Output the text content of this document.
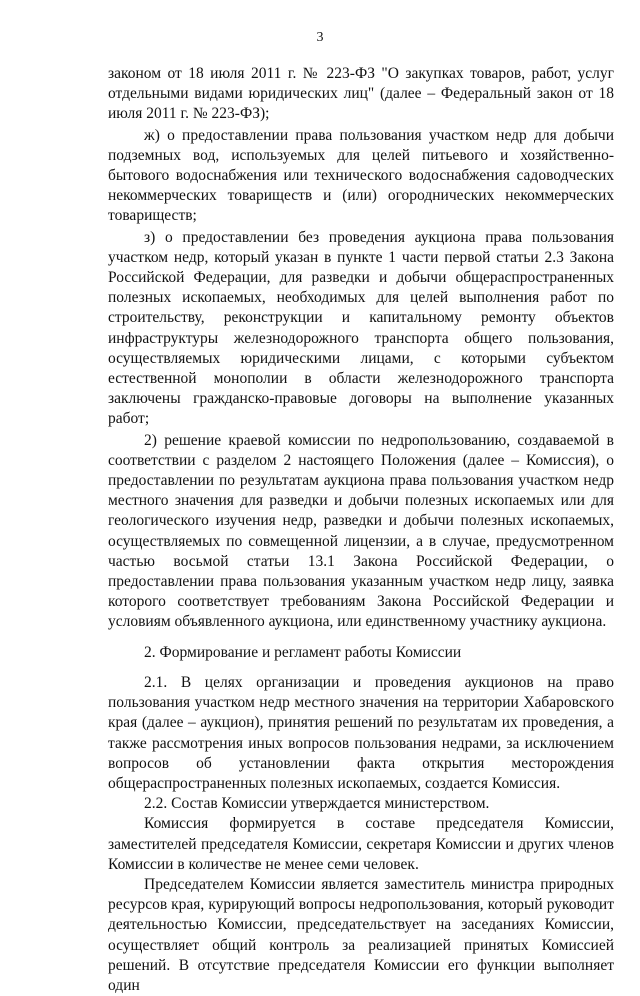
3

законом от 18 июля 2011 г. № 223-ФЗ "О закупках товаров, работ, услуг отдельными видами юридических лиц" (далее – Федеральный закон от 18 июля 2011 г. № 223-ФЗ);

ж) о предоставлении права пользования участком недр для добычи подземных вод, используемых для целей питьевого и хозяйственно-бытового водоснабжения или технического водоснабжения садоводческих некоммерческих товариществ и (или) огороднических некоммерческих товариществ;

з) о предоставлении без проведения аукциона права пользования участком недр, который указан в пункте 1 части первой статьи 2.3 Закона Российской Федерации, для разведки и добычи общераспространенных полезных ископаемых, необходимых для целей выполнения работ по строительству, реконструкции и капитальному ремонту объектов инфраструктуры железнодорожного транспорта общего пользования, осуществляемых юридическими лицами, с которыми субъектом естественной монополии в области железнодорожного транспорта заключены гражданско-правовые договоры на выполнение указанных работ;

2) решение краевой комиссии по недропользованию, создаваемой в соответствии с разделом 2 настоящего Положения (далее – Комиссия), о предоставлении по результатам аукциона права пользования участком недр местного значения для разведки и добычи полезных ископаемых или для геологического изучения недр, разведки и добычи полезных ископаемых, осуществляемых по совмещенной лицензии, а в случае, предусмотренном частью восьмой статьи 13.1 Закона Российской Федерации, о предоставлении права пользования указанным участком недр лицу, заявка которого соответствует требованиям Закона Российской Федерации и условиям объявленного аукциона, или единственному участнику аукциона.

2. Формирование и регламент работы Комиссии

2.1. В целях организации и проведения аукционов на право пользования участком недр местного значения на территории Хабаровского края (далее – аукцион), принятия решений по результатам их проведения, а также рассмотрения иных вопросов пользования недрами, за исключением вопросов об установлении факта открытия месторождения общераспространенных полезных ископаемых, создается Комиссия.

2.2. Состав Комиссии утверждается министерством.

Комиссия формируется в составе председателя Комиссии, заместителей председателя Комиссии, секретаря Комиссии и других членов Комиссии в количестве не менее семи человек.

Председателем Комиссии является заместитель министра природных ресурсов края, курирующий вопросы недропользования, который руководит деятельностью Комиссии, председательствует на заседаниях Комиссии, осуществляет общий контроль за реализацией принятых Комиссией решений. В отсутствие председателя Комиссии его функции выполняет один
